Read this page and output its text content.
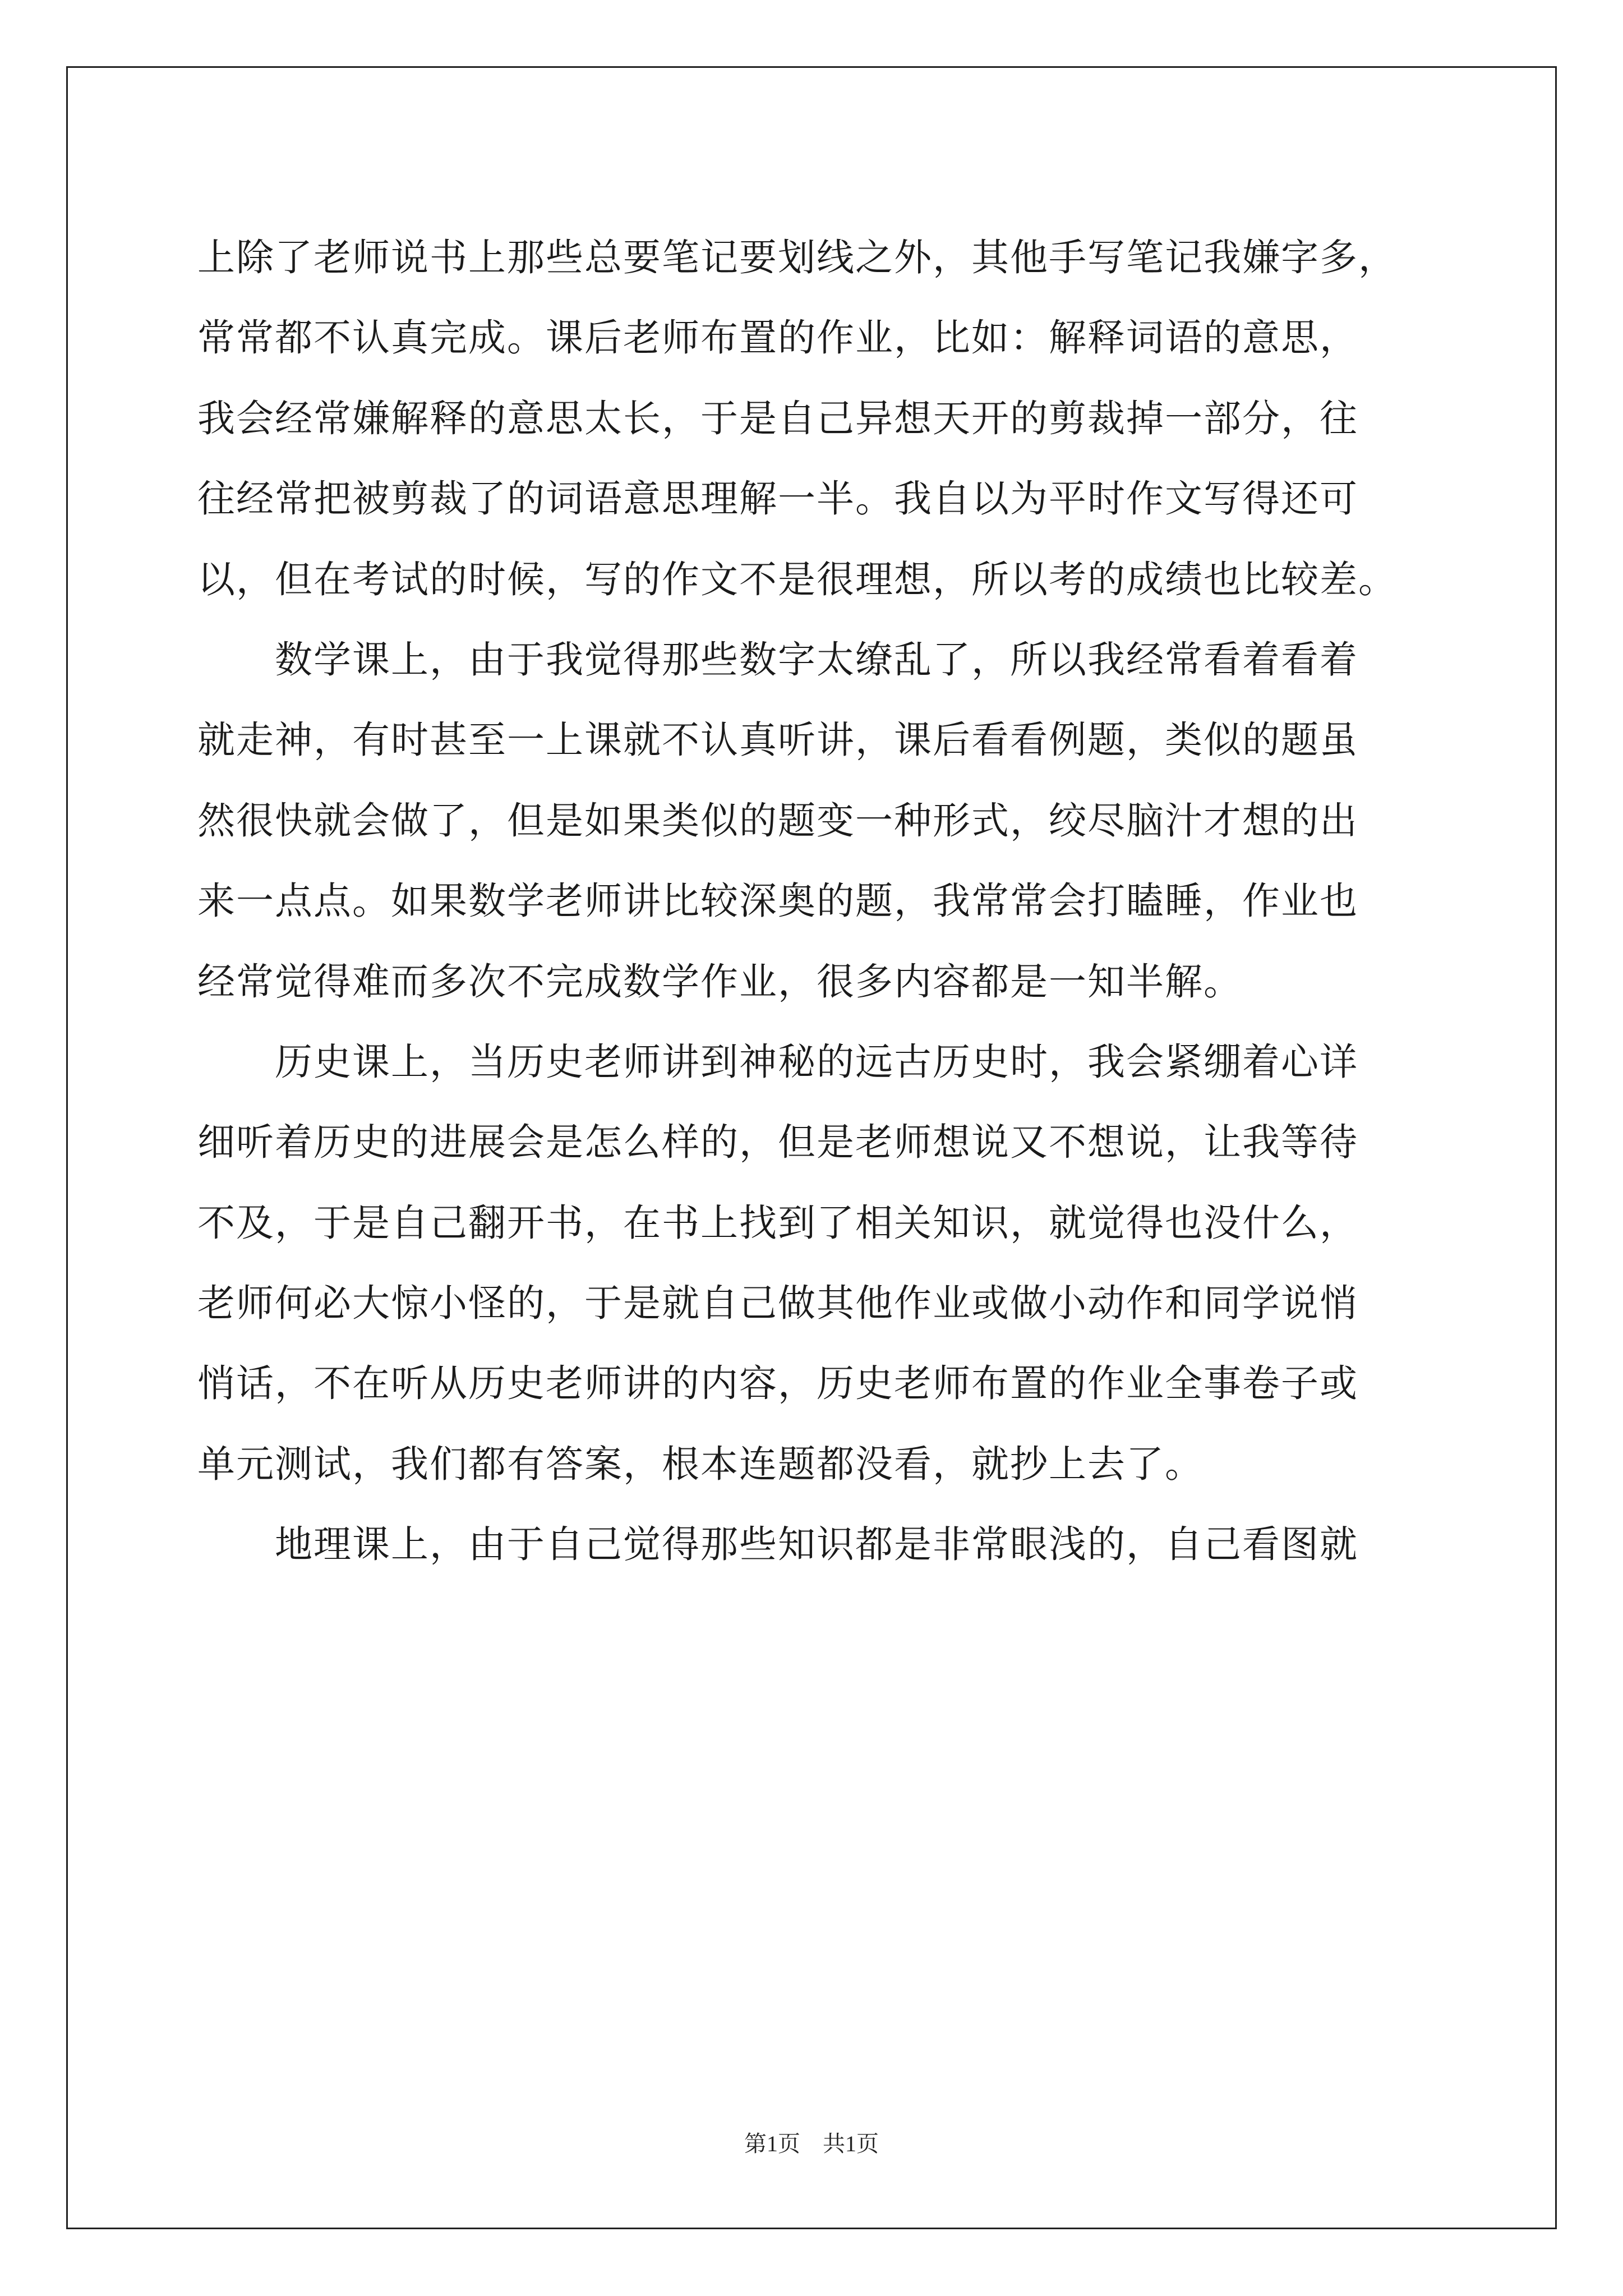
上除了老师说书上那些总要笔记要划线之外，其他手写笔记我嫌字多，
常常都不认真完成。课后老师布置的作业，比如：解释词语的意思，
我会经常嫌解释的意思太长，于是自己异想天开的剪裁掉一部分，往
往经常把被剪裁了的词语意思理解一半。我自以为平时作文写得还可
以，但在考试的时候，写的作文不是很理想，所以考的成绩也比较差。
　　数学课上，由于我觉得那些数字太缭乱了，所以我经常看着看着
就走神，有时甚至一上课就不认真听讲，课后看看例题，类似的题虽
然很快就会做了，但是如果类似的题变一种形式，绞尽脑汁才想的出
来一点点。如果数学老师讲比较深奥的题，我常常会打瞌睡，作业也
经常觉得难而多次不完成数学作业，很多内容都是一知半解。
　　历史课上，当历史老师讲到神秘的远古历史时，我会紧绷着心详
细听着历史的进展会是怎么样的，但是老师想说又不想说，让我等待
不及，于是自己翻开书，在书上找到了相关知识，就觉得也没什么，
老师何必大惊小怪的，于是就自己做其他作业或做小动作和同学说悄
悄话，不在听从历史老师讲的内容，历史老师布置的作业全事卷子或
单元测试，我们都有答案，根本连题都没看，就抄上去了。
　　地理课上，由于自己觉得那些知识都是非常眼浅的，自己看图就
第1页　共1页
